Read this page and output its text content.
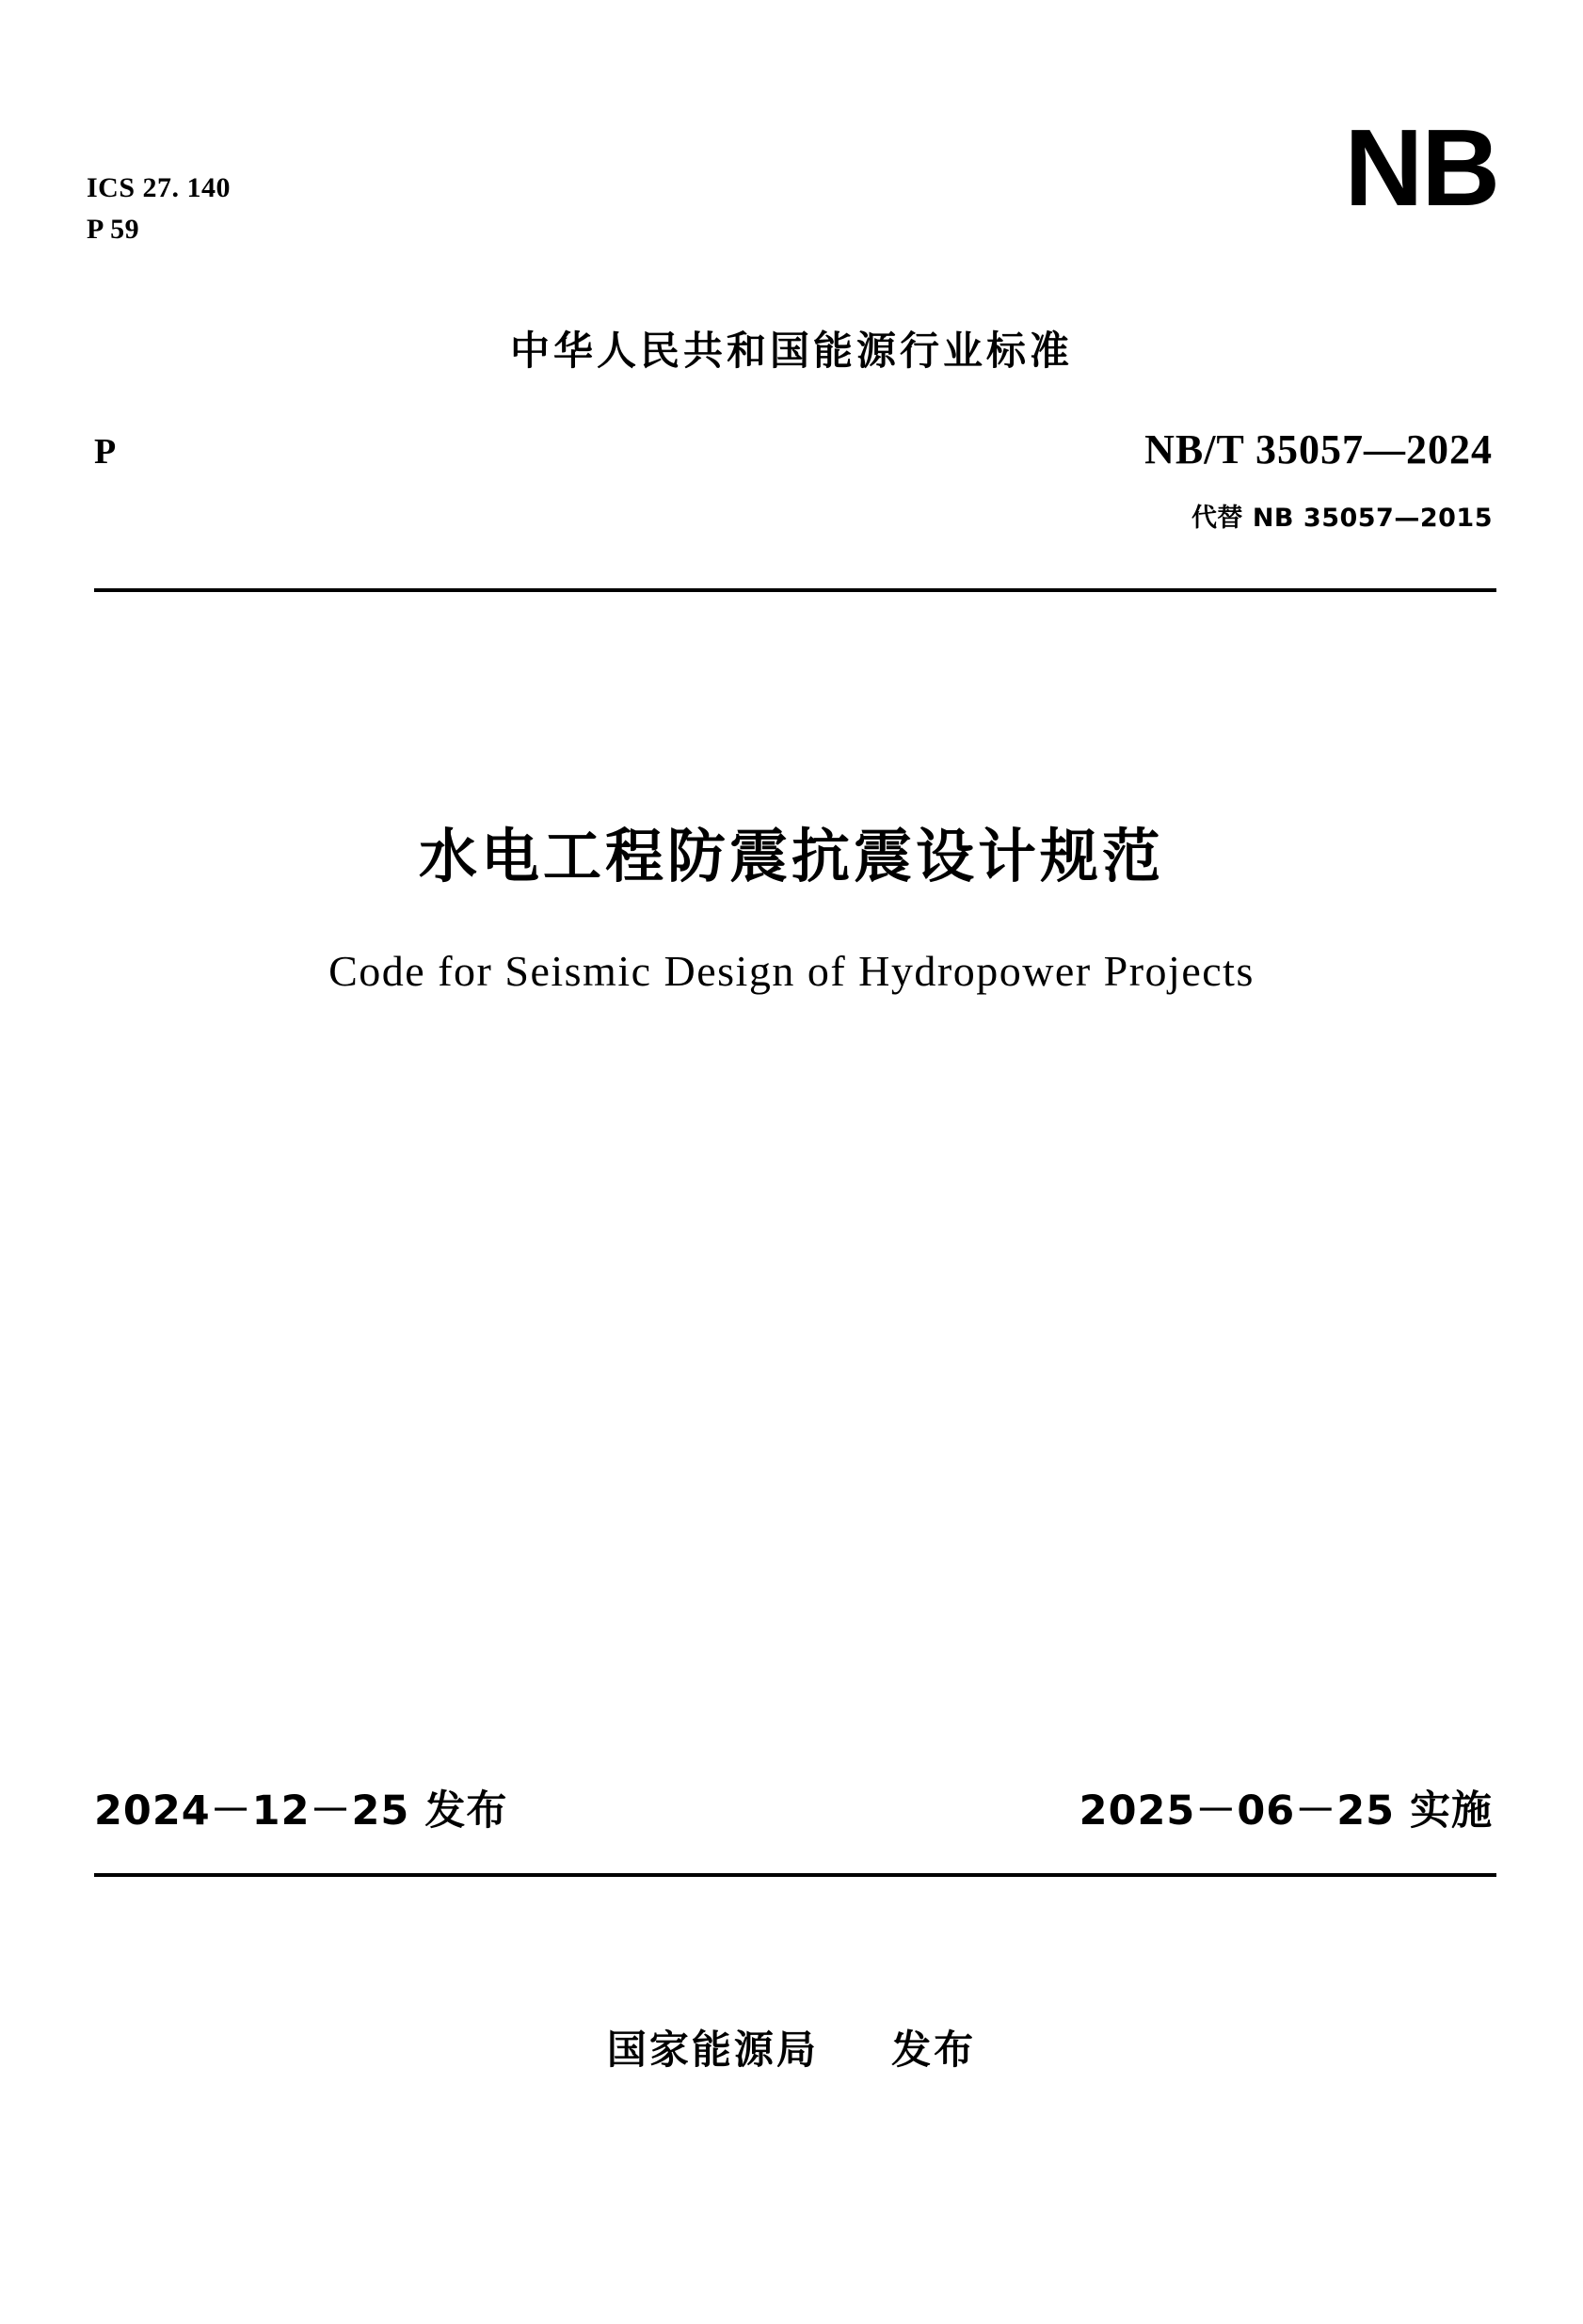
ICS 27. 140
P 59	NB
中华人民共和国能源行业标准
P	NB/T 35057—2024
代替 NB 35057—2015
水电工程防震抗震设计规范
Code for Seismic Design of Hydropower Projects
2024－12－25 发布	2025－06－25 实施
国家能源局 发布
